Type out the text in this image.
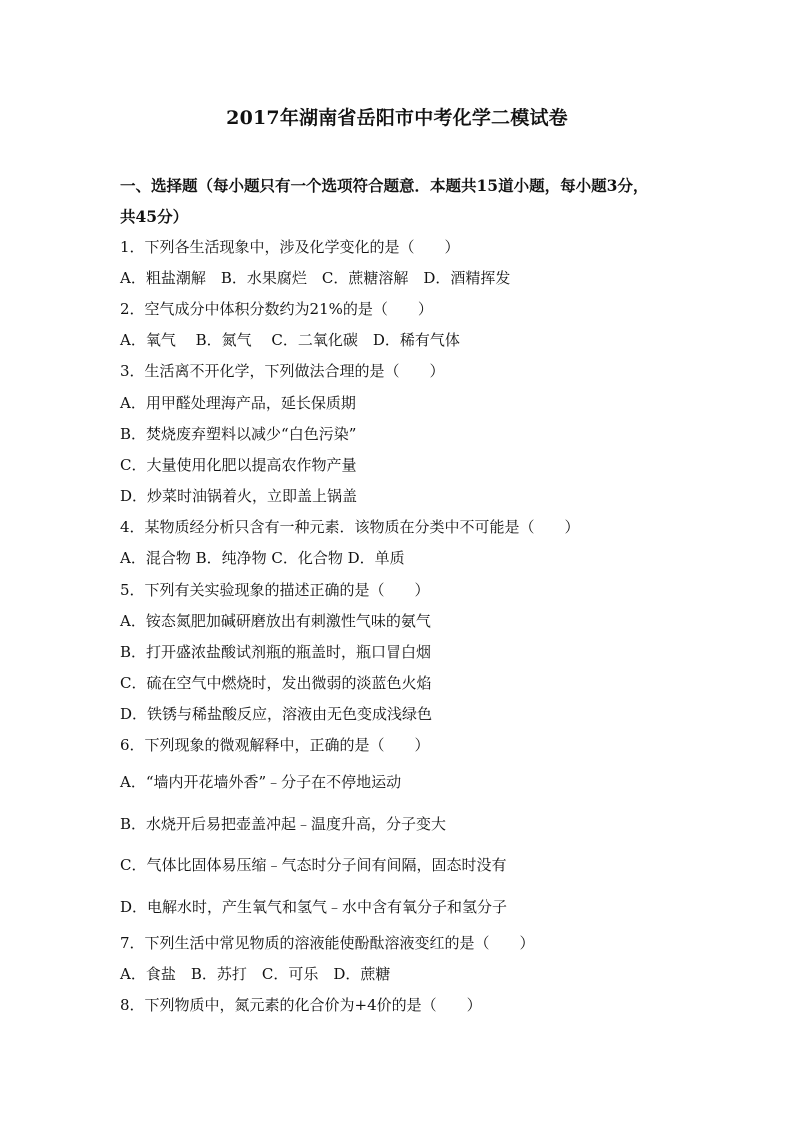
2017年湖南省岳阳市中考化学二模试卷
一、选择题（每小题只有一个选项符合题意．本题共15道小题，每小题3分，
共45分）
1．下列各生活现象中，涉及化学变化的是（　　）
A．粗盐潮解　B．水果腐烂　C．蔗糖溶解　D．酒精挥发
2．空气成分中体积分数约为21%的是（　　）
A．氧气　 B．氮气　 C．二氧化碳　D．稀有气体
3．生活离不开化学，下列做法合理的是（　　）
A．用甲醛处理海产品，延长保质期
B．焚烧废弃塑料以减少“白色污染”
C．大量使用化肥以提高农作物产量
D．炒菜时油锅着火，立即盖上锅盖
4．某物质经分析只含有一种元素．该物质在分类中不可能是（　　）
A．混合物 B．纯净物 C．化合物 D．单质
5．下列有关实验现象的描述正确的是（　　）
A．铵态氮肥加碱研磨放出有刺激性气味的氨气
B．打开盛浓盐酸试剂瓶的瓶盖时，瓶口冒白烟
C．硫在空气中燃烧时，发出微弱的淡蓝色火焰
D．铁锈与稀盐酸反应，溶液由无色变成浅绿色
6．下列现象的微观解释中，正确的是（　　）
A．“墙内开花墙外香”﹣分子在不停地运动
B．水烧开后易把壶盖冲起﹣温度升高，分子变大
C．气体比固体易压缩﹣气态时分子间有间隔，固态时没有
D．电解水时，产生氧气和氢气﹣水中含有氧分子和氢分子
7．下列生活中常见物质的溶液能使酚酞溶液变红的是（　　）
A．食盐　B．苏打　C．可乐　D．蔗糖
8．下列物质中，氮元素的化合价为+4价的是（　　）
